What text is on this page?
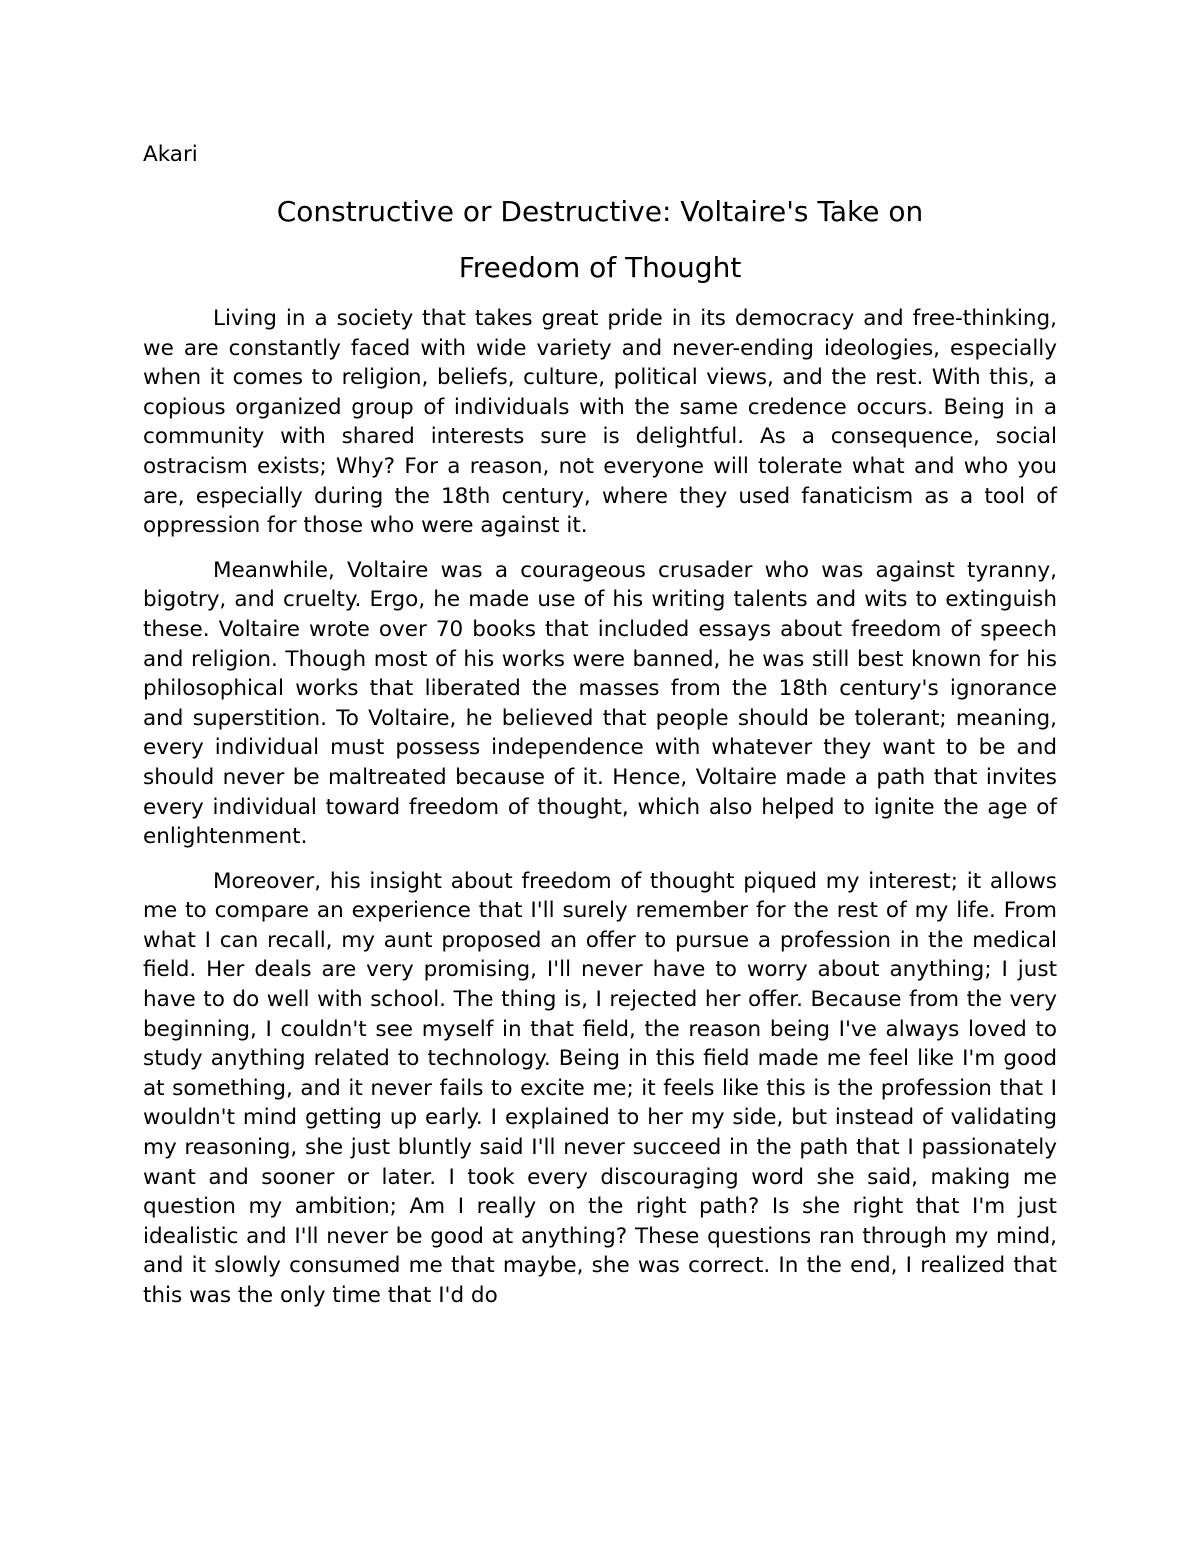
Akari
Constructive or Destructive: Voltaire's Take on
Freedom of Thought

Living in a society that takes great pride in its democracy and free-thinking, we are constantly faced with wide variety and never-ending ideologies, especially when it comes to religion, beliefs, culture, political views, and the rest. With this, a copious organized group of individuals with the same credence occurs. Being in a community with shared interests sure is delightful. As a consequence, social ostracism exists; Why? For a reason, not everyone will tolerate what and who you are, especially during the 18th century, where they used fanaticism as a tool of oppression for those who were against it.

Meanwhile, Voltaire was a courageous crusader who was against tyranny, bigotry, and cruelty. Ergo, he made use of his writing talents and wits to extinguish these. Voltaire wrote over 70 books that included essays about freedom of speech and religion. Though most of his works were banned, he was still best known for his philosophical works that liberated the masses from the 18th century's ignorance and superstition. To Voltaire, he believed that people should be tolerant; meaning, every individual must possess independence with whatever they want to be and should never be maltreated because of it. Hence, Voltaire made a path that invites every individual toward freedom of thought, which also helped to ignite the age of enlightenment.

Moreover, his insight about freedom of thought piqued my interest; it allows me to compare an experience that I'll surely remember for the rest of my life. From what I can recall, my aunt proposed an offer to pursue a profession in the medical field. Her deals are very promising, I'll never have to worry about anything; I just have to do well with school. The thing is, I rejected her offer. Because from the very beginning, I couldn't see myself in that field, the reason being I've always loved to study anything related to technology. Being in this field made me feel like I'm good at something, and it never fails to excite me; it feels like this is the profession that I wouldn't mind getting up early. I explained to her my side, but instead of validating my reasoning, she just bluntly said I'll never succeed in the path that I passionately want and sooner or later. I took every discouraging word she said, making me question my ambition; Am I really on the right path? Is she right that I'm just idealistic and I'll never be good at anything? These questions ran through my mind, and it slowly consumed me that maybe, she was correct. In the end, I realized that this was the only time that I'd do
